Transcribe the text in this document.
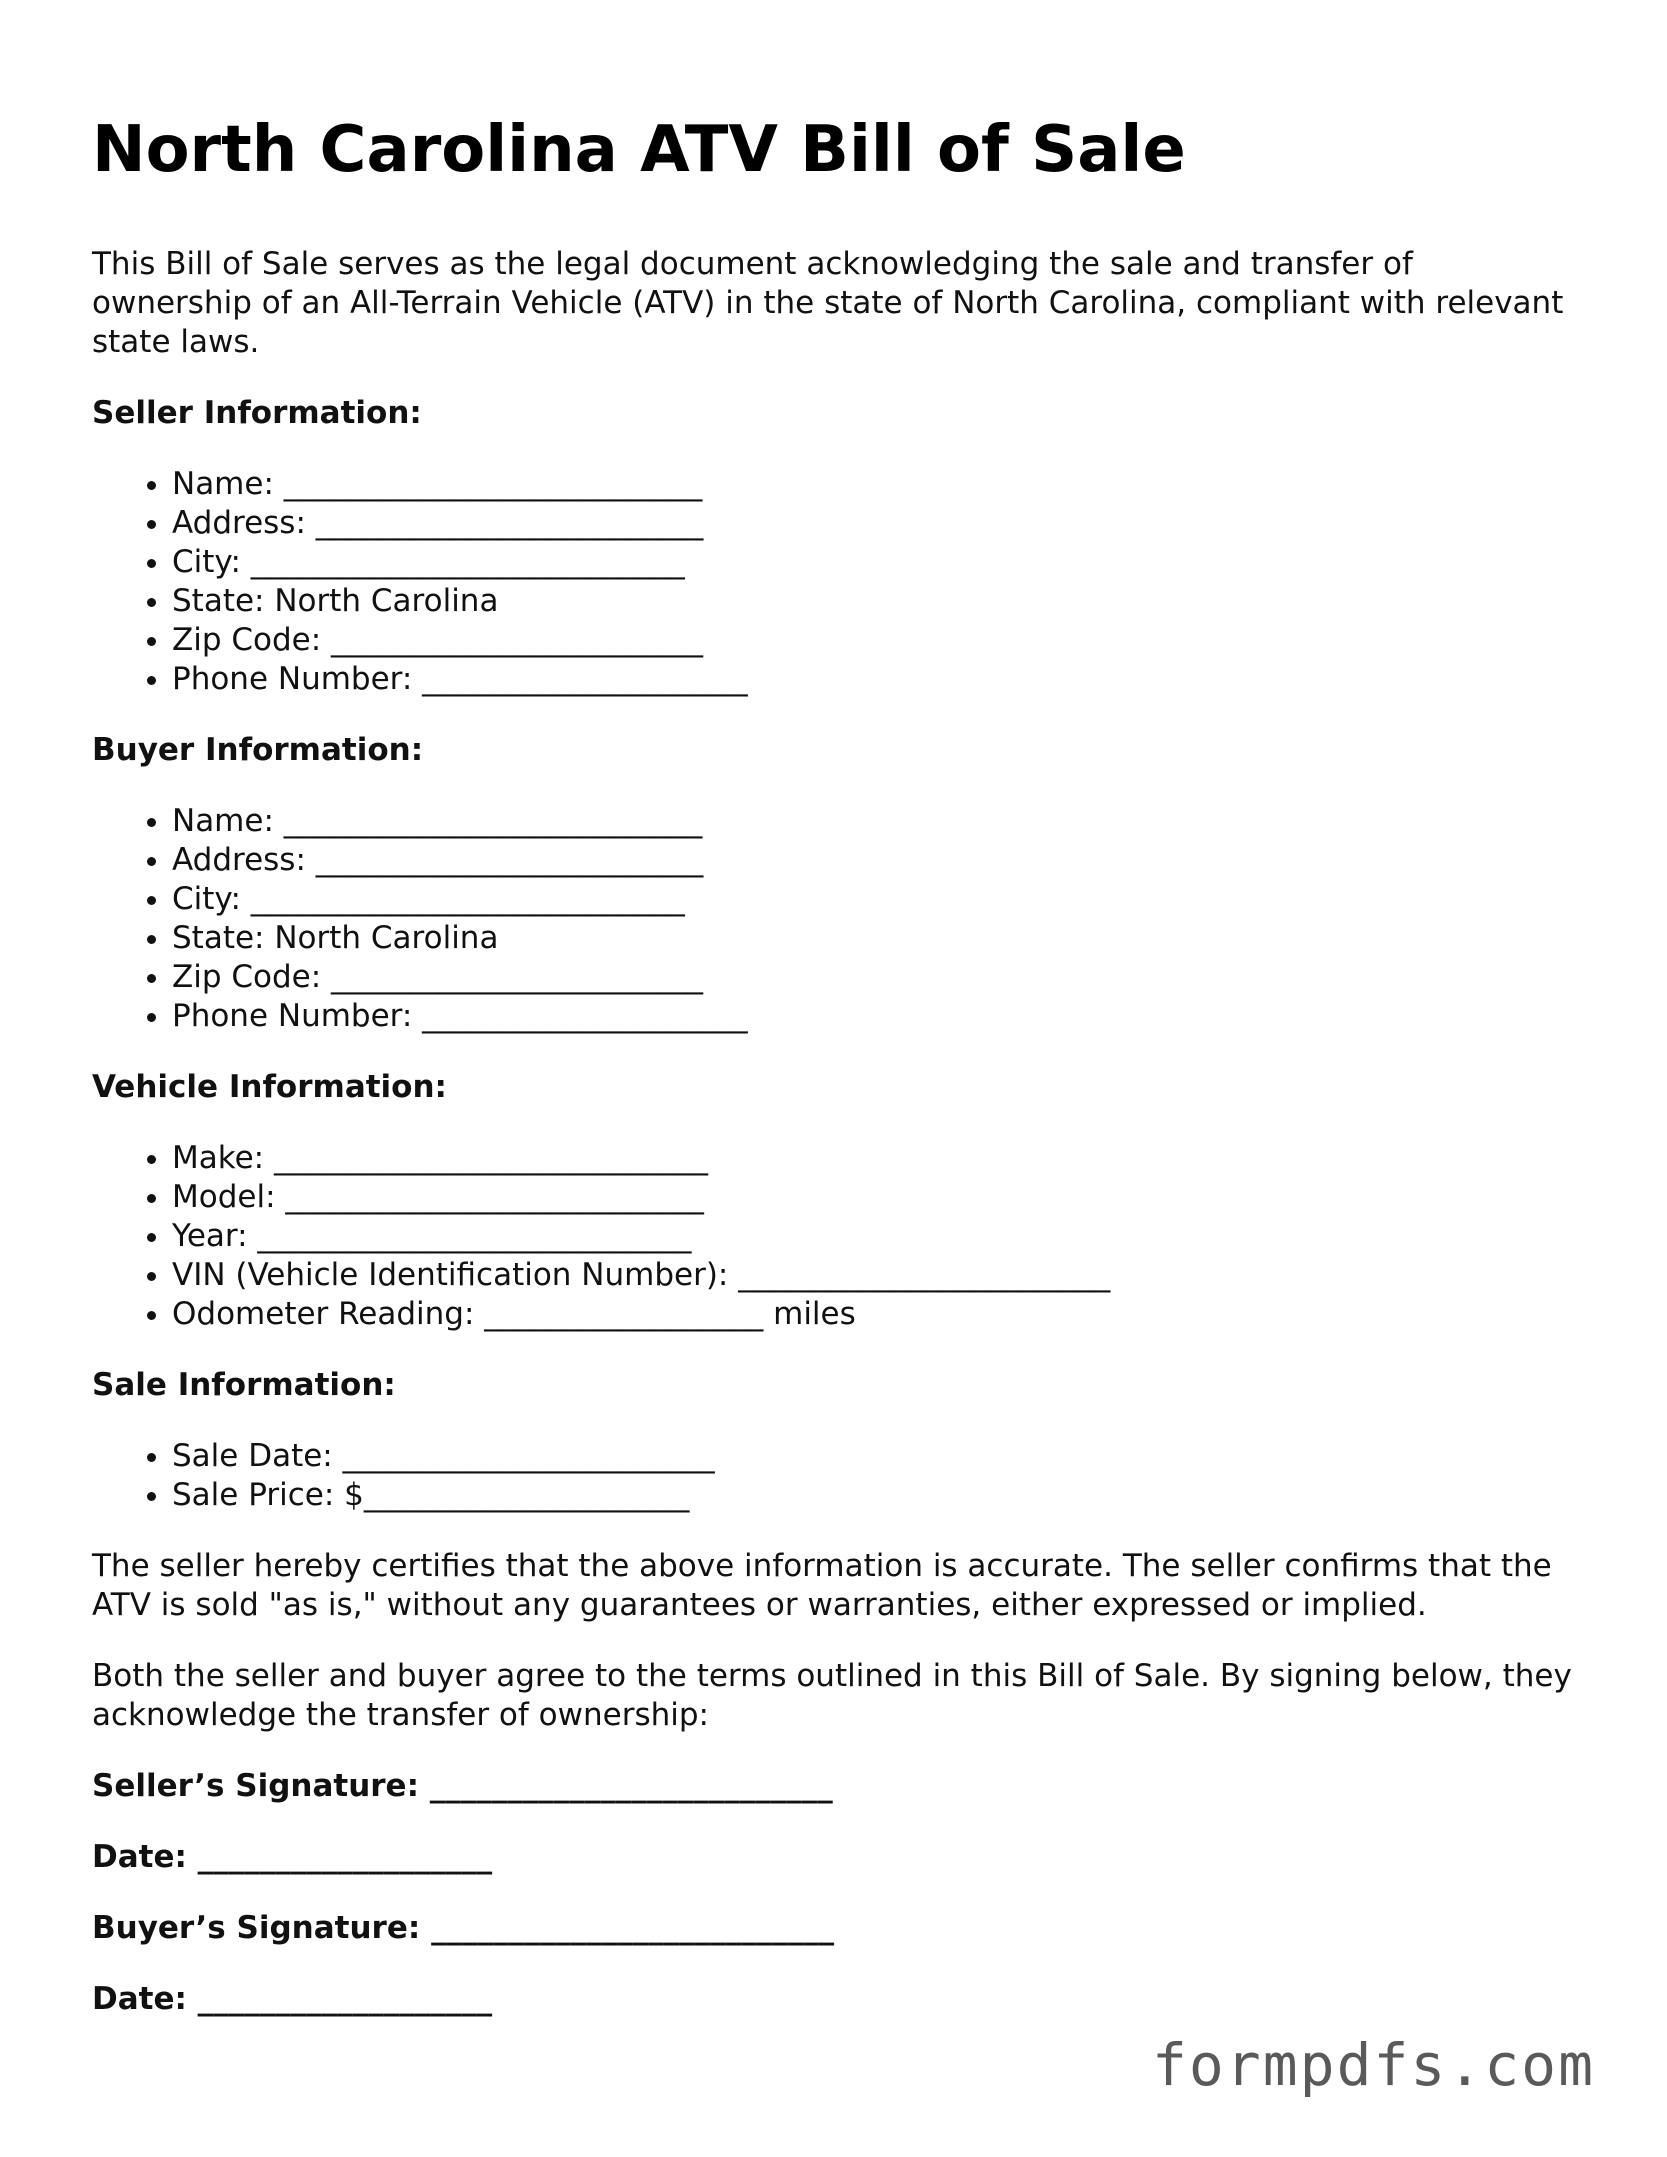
North Carolina ATV Bill of Sale

This Bill of Sale serves as the legal document acknowledging the sale and transfer of ownership of an All-Terrain Vehicle (ATV) in the state of North Carolina, compliant with relevant state laws.

Seller Information:
• Name: ___________________________
• Address: _________________________
• City: ____________________________
• State: North Carolina
• Zip Code: ________________________
• Phone Number: _____________________
Buyer Information:
• Name: ___________________________
• Address: _________________________
• City: ____________________________
• State: North Carolina
• Zip Code: ________________________
• Phone Number: _____________________
Vehicle Information:
• Make: ____________________________
• Model: ___________________________
• Year: ____________________________
• VIN (Vehicle Identification Number): ________________________
• Odometer Reading: __________________ miles
Sale Information:
• Sale Date: ________________________
• Sale Price: $_____________________

The seller hereby certifies that the above information is accurate. The seller confirms that the ATV is sold "as is," without any guarantees or warranties, either expressed or implied.

Both the seller and buyer agree to the terms outlined in this Bill of Sale. By signing below, they acknowledge the transfer of ownership:

Seller’s Signature: __________________________
Date: ___________________
Buyer’s Signature: __________________________
Date: ___________________
formpdfs.com
